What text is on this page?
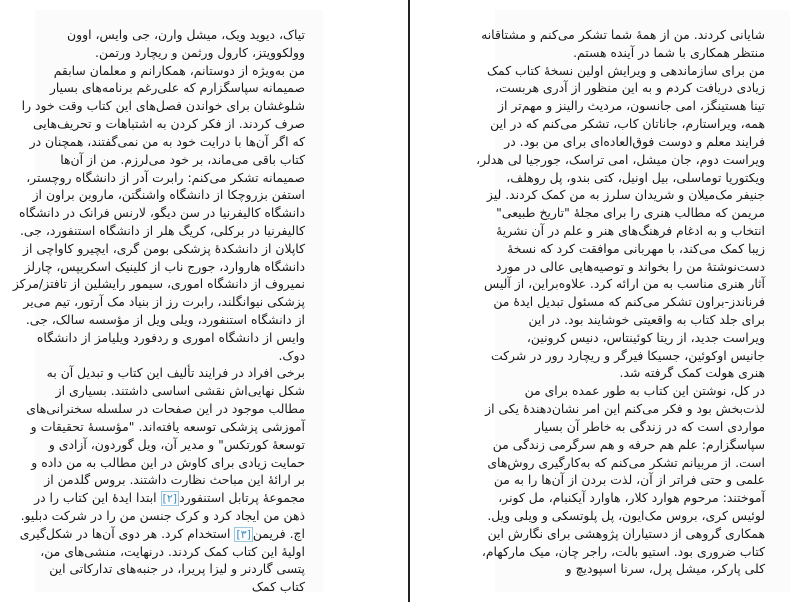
تیاک، دیوید ویک، میشل وارن، جی وایس، اوون
وولکوویتز، کارول ورثمن و ریچارد ورتمن.
من به‌ویژه از دوستانم، همکارانم و معلمان سابقم
صمیمانه سپاسگزارم که علی‌رغم برنامه‌های بسیار
شلوغشان برای خواندن فصل‌های این کتاب وقت خود را
صرف کردند. از فکر کردن به اشتباهات و تحریف‌هایی
که اگر آن‌ها با درایت خود به من نمی‌گفتند، همچنان در
کتاب باقی می‌ماند، بر خود می‌لرزم. من از آن‌ها
صمیمانه تشکر می‌کنم: رابرت آدر از دانشگاه روچستر،
استفن بزروچکا از دانشگاه واشنگتن، ماروین براون از
دانشگاه کالیفرنیا در سن دیگو، لارنس فرانک در دانشگاه
کالیفرنیا در برکلی، کریگ هلر از دانشگاه استنفورد، جی.
کاپلان از دانشکدهٔ پزشکی بومن گری، ایچیرو کاواچی از
دانشگاه هاروارد، جورج ناب از کلینیک اسکریپس، چارلز
نمیروف از دانشگاه اموری، سیمور رایشلین از تافتز/مرکز
پزشکی نیوانگلند، رابرت رز از بنیاد مک آرتور، تیم می‌یر
از دانشگاه استنفورد، ویلی ویل از مؤسسه سالک، جی.
وایس از دانشگاه اموری و ردفورد ویلیامز از دانشگاه
دوک.
برخی افراد در فرایند تألیف این کتاب و تبدیل آن به
شکل نهایی‌اش نقشی اساسی داشتند. بسیاری از
مطالب موجود در این صفحات در سلسله سخنرانی‌های
آموزشی پزشکی توسعه یافته‌اند. "مؤسسهٔ تحقیقات و
توسعهٔ کورتکس" و مدیر آن، ویل گوردون، آزادی و
حمایت زیادی برای کاوش در این مطالب به من داده و
بر ارائهٔ این مباحث نظارت داشتند. بروس گلدمن از
مجموعهٔ پرتابل استنفورد[۲] ابتدا ایدهٔ این کتاب را در
ذهن من ایجاد کرد و کرک جنسن من را در شرکت دبلیو.
اچ. فریمن[۳] استخدام کرد. هر دوی آن‌ها در شکل‌گیری
اولیهٔ این کتاب کمک کردند. درنهایت، منشی‌های من،
پتسی گاردنر و لیزا پریرا، در جنبه‌های تدارکاتی این
کتاب کمک
شایانی کردند. من از همهٔ شما تشکر می‌کنم و مشتاقانه
منتظر همکاری با شما در آینده هستم.
من برای سازماندهی و ویرایش اولین نسخهٔ کتاب کمک
زیادی دریافت کردم و به این منظور از آدری هربست،
تینا هستینگز، امی جانسون، مردیث رالینز و مهم‌تر از
همه، ویراستارم، جاناتان کاب، تشکر می‌کنم که در این
فرایند معلم و دوست فوق‌العاده‌ای برای من بود. در
ویراست دوم، جان میشل، امی تراسک، جورجیا لی هدلر،
ویکتوریا توماسلی، بیل اونیل، کتی بندو، پل روهلف،
جنیفر مک‌میلان و شریدان سلرز به من کمک کردند. لیز
مریمن که مطالب هنری را برای مجلهٔ "تاریخ طبیعی"
انتخاب و به ادغام فرهنگ‌های هنر و علم در آن نشریهٔ
زیبا کمک می‌کند، با مهربانی موافقت کرد که نسخهٔ
دست‌نوشتهٔ من را بخواند و توصیه‌هایی عالی در مورد
آثار هنری مناسب به من ارائه کرد. علاوه‌براین، از آلیس
فرناندز-براون تشکر می‌کنم که مسئول تبدیل ایدهٔ من
برای جلد کتاب به واقعیتی خوشایند بود. در این
ویراست جدید، از ریتا کوئینتاس، دنیس کرونین،
جانیس اوکوئین، جسیکا فیرگر و ریچارد رور در شرکت
هنری هولت کمک گرفته شد.
در کل، نوشتن این کتاب به طور عمده برای من
لذت‌بخش بود و فکر می‌کنم این امر نشان‌دهندهٔ یکی از
مواردی است که در زندگی به خاطر آن بسیار
سپاسگزارم: علم هم حرفه و هم سرگرمی زندگی من
است. از مربیانم تشکر می‌کنم که به‌کارگیری روش‌های
علمی و حتی فراتر از آن، لذت بردن از آن‌ها را به من
آموختند: مرحوم هوارد کلار، هاوارد آیکنبام، مل کونر،
لوئیس کری، بروس مک‌ایون، پل پلوتسکی و ویلی ویل.
همکاری گروهی از دستیاران پژوهشی برای نگارش این
کتاب ضروری بود. استیو بالت، راجر چان، میک مارکهام،
کلی پارکر، میشل پرل، سرنا اسپودیچ و
